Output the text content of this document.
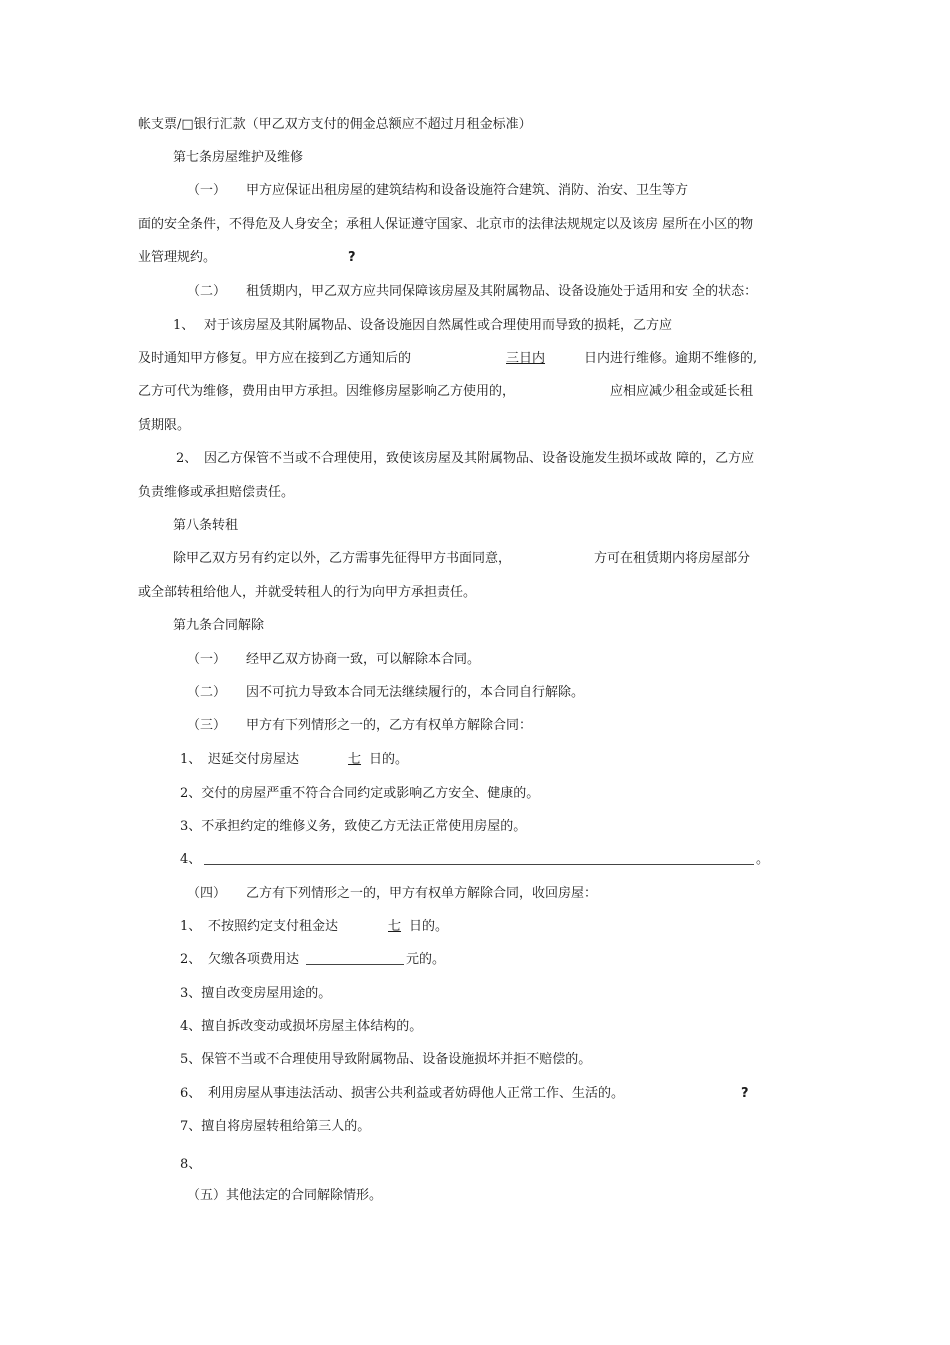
帐支票/□银行汇款（甲乙双方支付的佣金总额应不超过月租金标准）
第七条房屋维护及维修
（一） 甲方应保证出租房屋的建筑结构和设备设施符合建筑、消防、治安、卫生等方
面的安全条件，不得危及人身安全；承租人保证遵守国家、北京市的法律法规规定以及该房 屋所在小区的物
业管理规约。	?
（二） 租赁期内，甲乙双方应共同保障该房屋及其附属物品、设备设施处于适用和安 全的状态：
1、 对于该房屋及其附属物品、设备设施因自然属性或合理使用而导致的损耗，乙方应
及时通知甲方修复。甲方应在接到乙方通知后的	三日内	日内进行维修。逾期不维修的,
乙方可代为维修，费用由甲方承担。因维修房屋影响乙方使用的，	应相应减少租金或延长租
赁期限。
2、 因乙方保管不当或不合理使用，致使该房屋及其附属物品、设备设施发生损坏或故 障的，乙方应
负责维修或承担赔偿责任。
第八条转租
除甲乙双方另有约定以外，乙方需事先征得甲方书面同意，	方可在租赁期内将房屋部分
或全部转租给他人，并就受转租人的行为向甲方承担责任。
第九条合同解除
（一） 经甲乙双方协商一致，可以解除本合同。
（二） 因不可抗力导致本合同无法继续履行的，本合同自行解除。
（三） 甲方有下列情形之一的，乙方有权单方解除合同：
1、 迟延交付房屋达	七 日的。
2、交付的房屋严重不符合合同约定或影响乙方安全、健康的。
3、不承担约定的维修义务，致使乙方无法正常使用房屋的。
4、	。
（四） 乙方有下列情形之一的，甲方有权单方解除合同，收回房屋：
1、 不按照约定支付租金达	七 日的。
2、 欠缴各项费用达	元的。
3、擅自改变房屋用途的。
4、擅自拆改变动或损坏房屋主体结构的。
5、保管不当或不合理使用导致附属物品、设备设施损坏并拒不赔偿的。
6、 利用房屋从事违法活动、损害公共利益或者妨碍他人正常工作、生活的。	?
7、擅自将房屋转租给第三人的。
8、
（五）其他法定的合同解除情形。
